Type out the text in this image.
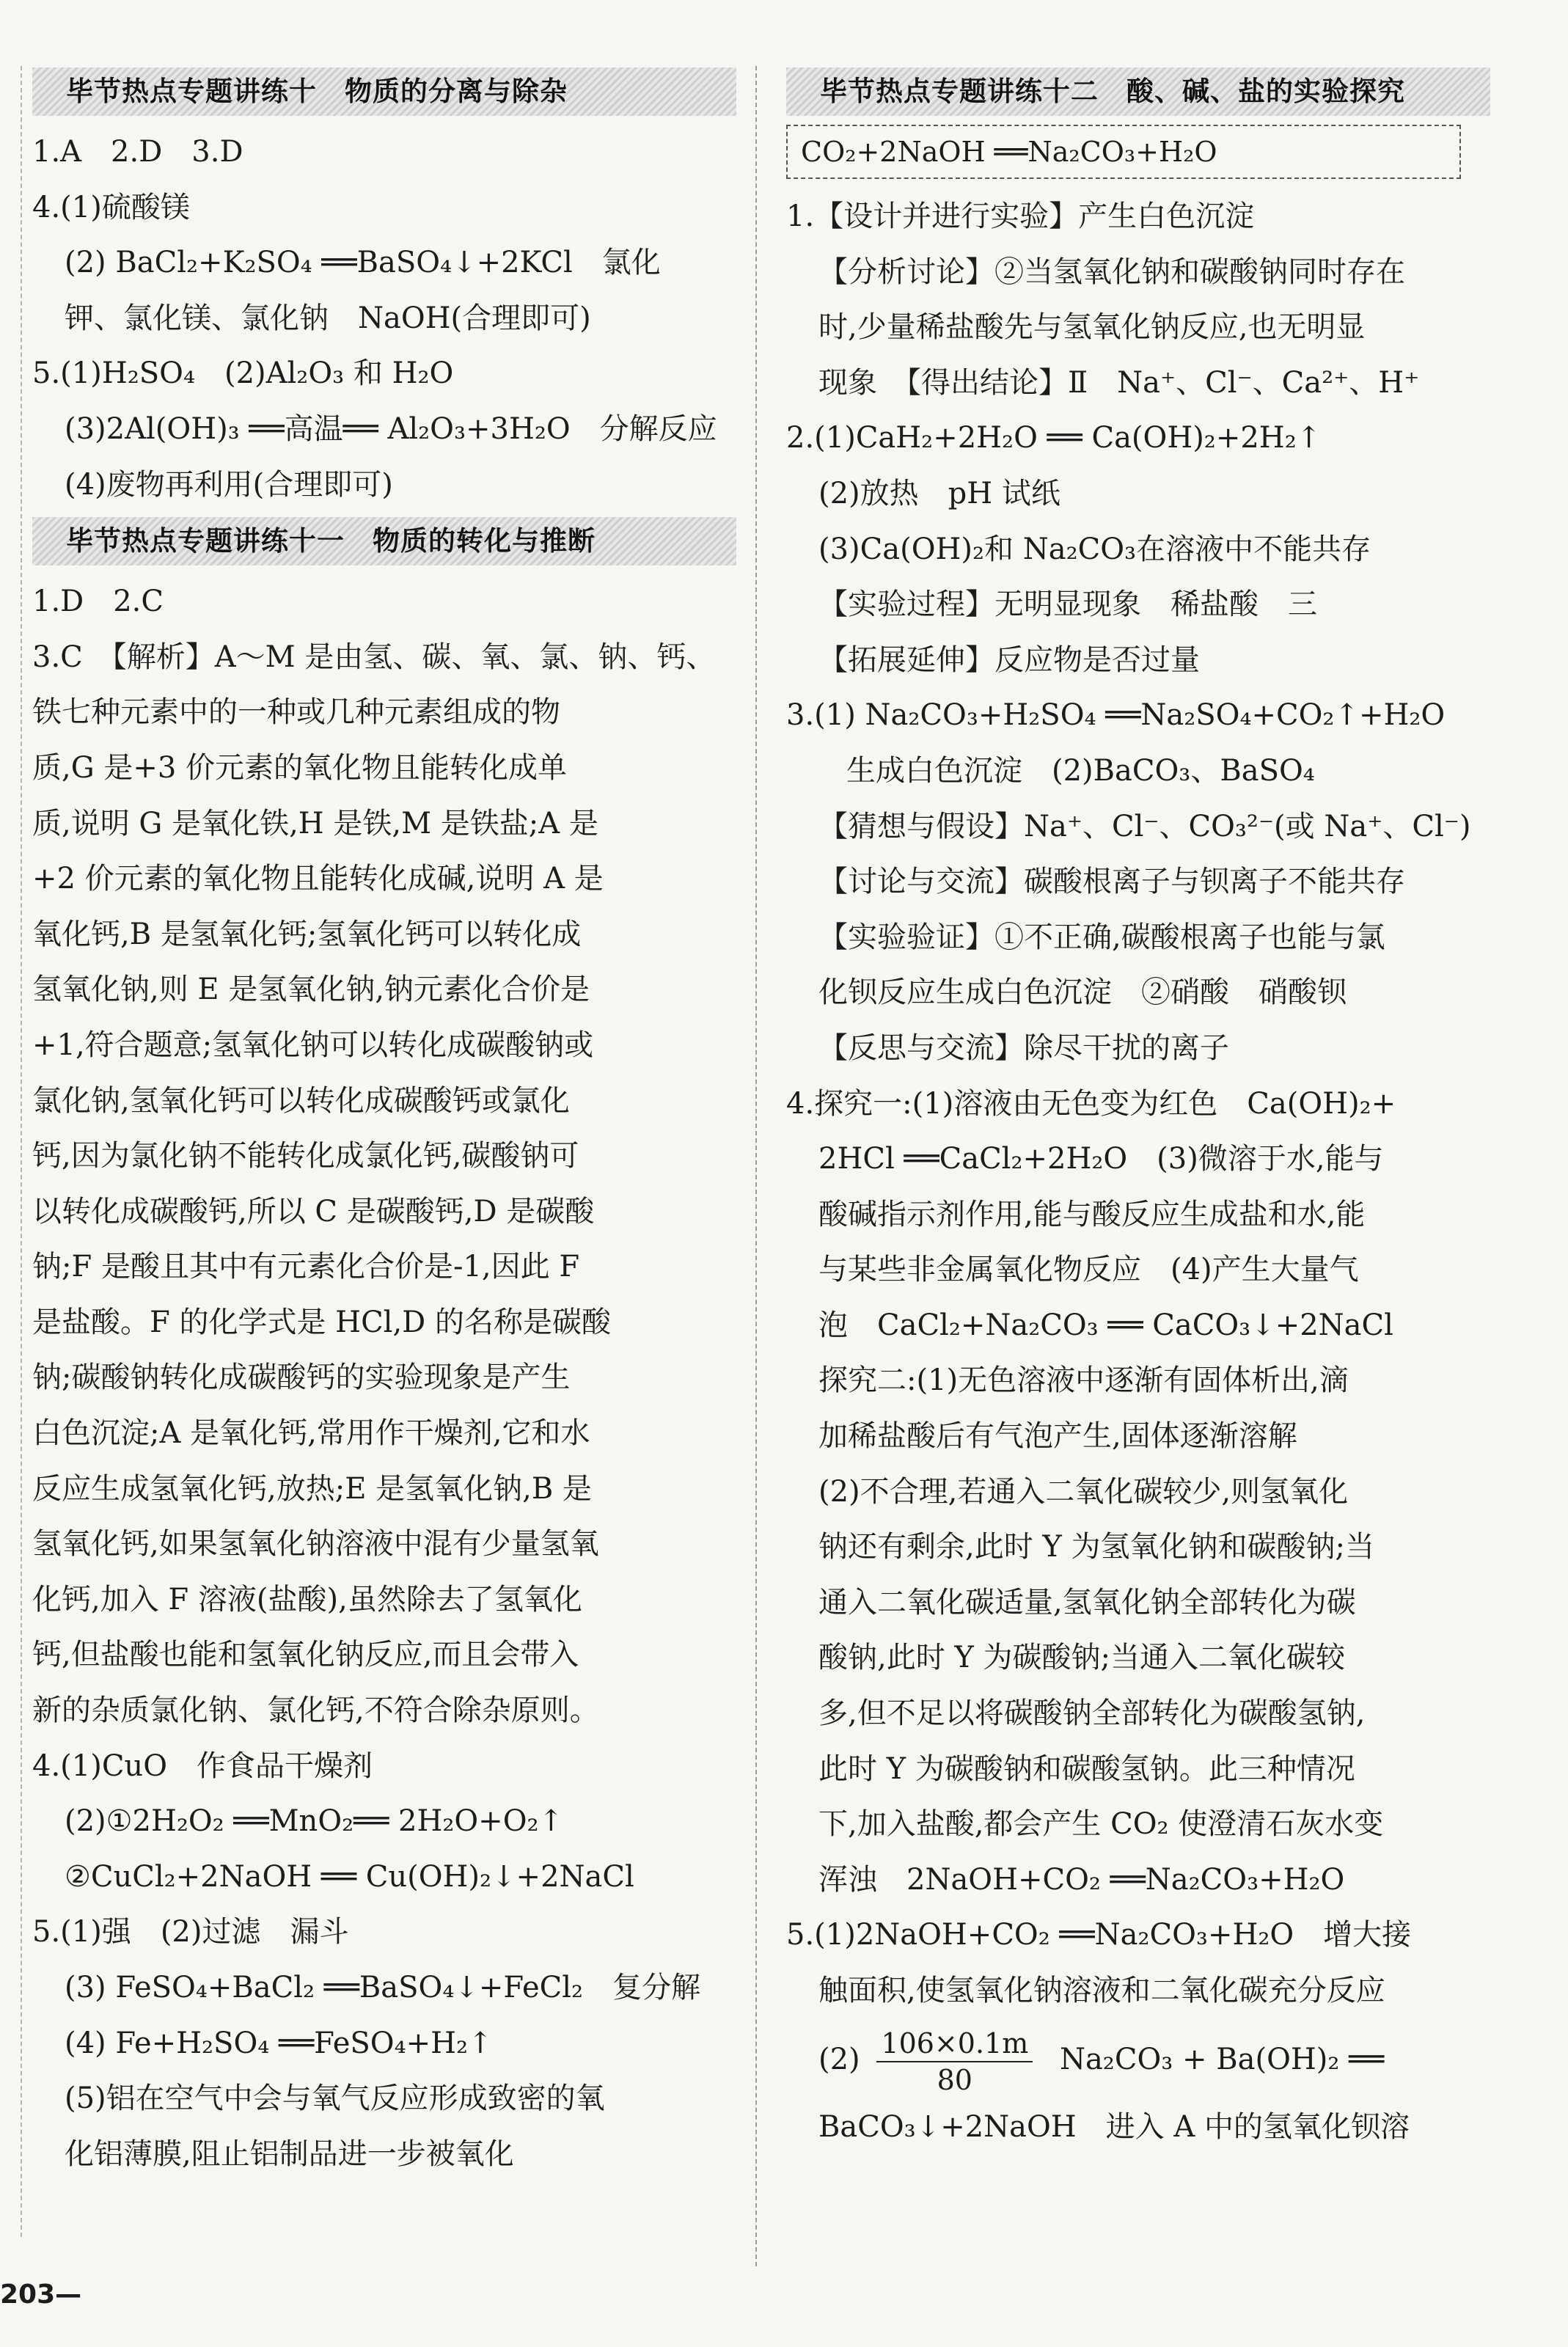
毕节热点专题讲练十　物质的分离与除杂
1.A　2.D　3.D
4.(1)硫酸镁
(2) BaCl₂+K₂SO₄ ══BaSO₄↓+2KCl　氯化
钾、氯化镁、氯化钠　NaOH(合理即可)
5.(1)H₂SO₄　(2)Al₂O₃ 和 H₂O
(3)2Al(OH)₃ ══高温══ Al₂O₃+3H₂O　分解反应
(4)废物再利用(合理即可)
毕节热点专题讲练十一　物质的转化与推断
1.D　2.C
3.C　【解析】A～M 是由氢、碳、氧、氯、钠、钙、
铁七种元素中的一种或几种元素组成的物
质,G 是+3 价元素的氧化物且能转化成单
质,说明 G 是氧化铁,H 是铁,M 是铁盐;A 是
+2 价元素的氧化物且能转化成碱,说明 A 是
氧化钙,B 是氢氧化钙;氢氧化钙可以转化成
氢氧化钠,则 E 是氢氧化钠,钠元素化合价是
+1,符合题意;氢氧化钠可以转化成碳酸钠或
氯化钠,氢氧化钙可以转化成碳酸钙或氯化
钙,因为氯化钠不能转化成氯化钙,碳酸钠可
以转化成碳酸钙,所以 C 是碳酸钙,D 是碳酸
钠;F 是酸且其中有元素化合价是-1,因此 F
是盐酸。F 的化学式是 HCl,D 的名称是碳酸
钠;碳酸钠转化成碳酸钙的实验现象是产生
白色沉淀;A 是氧化钙,常用作干燥剂,它和水
反应生成氢氧化钙,放热;E 是氢氧化钠,B 是
氢氧化钙,如果氢氧化钠溶液中混有少量氢氧
化钙,加入 F 溶液(盐酸),虽然除去了氢氧化
钙,但盐酸也能和氢氧化钠反应,而且会带入
新的杂质氯化钠、氯化钙,不符合除杂原则。
4.(1)CuO　作食品干燥剂
(2)①2H₂O₂ ══MnO₂══ 2H₂O+O₂↑
②CuCl₂+2NaOH ══ Cu(OH)₂↓+2NaCl
5.(1)强　(2)过滤　漏斗
(3) FeSO₄+BaCl₂ ══BaSO₄↓+FeCl₂　复分解
(4) Fe+H₂SO₄ ══FeSO₄+H₂↑
(5)铝在空气中会与氧气反应形成致密的氧
化铝薄膜,阻止铝制品进一步被氧化
毕节热点专题讲练十二　酸、碱、盐的实验探究
CO₂+2NaOH ══Na₂CO₃+H₂O
1.【设计并进行实验】产生白色沉淀
【分析讨论】②当氢氧化钠和碳酸钠同时存在
时,少量稀盐酸先与氢氧化钠反应,也无明显
现象　【得出结论】Ⅱ　Na⁺、Cl⁻、Ca²⁺、H⁺
2.(1)CaH₂+2H₂O ══ Ca(OH)₂+2H₂↑
(2)放热　pH 试纸
(3)Ca(OH)₂和 Na₂CO₃在溶液中不能共存
【实验过程】无明显现象　稀盐酸　三
【拓展延伸】反应物是否过量
3.(1) Na₂CO₃+H₂SO₄ ══Na₂SO₄+CO₂↑+H₂O
生成白色沉淀　(2)BaCO₃、BaSO₄
【猜想与假设】Na⁺、Cl⁻、CO₃²⁻(或 Na⁺、Cl⁻)
【讨论与交流】碳酸根离子与钡离子不能共存
【实验验证】①不正确,碳酸根离子也能与氯
化钡反应生成白色沉淀　②硝酸　硝酸钡
【反思与交流】除尽干扰的离子
4.探究一:(1)溶液由无色变为红色　Ca(OH)₂+
2HCl ══CaCl₂+2H₂O　(3)微溶于水,能与
酸碱指示剂作用,能与酸反应生成盐和水,能
与某些非金属氧化物反应　(4)产生大量气
泡　CaCl₂+Na₂CO₃ ══ CaCO₃↓+2NaCl
探究二:(1)无色溶液中逐渐有固体析出,滴
加稀盐酸后有气泡产生,固体逐渐溶解
(2)不合理,若通入二氧化碳较少,则氢氧化
钠还有剩余,此时 Y 为氢氧化钠和碳酸钠;当
通入二氧化碳适量,氢氧化钠全部转化为碳
酸钠,此时 Y 为碳酸钠;当通入二氧化碳较
多,但不足以将碳酸钠全部转化为碳酸氢钠,
此时 Y 为碳酸钠和碳酸氢钠。此三种情况
下,加入盐酸,都会产生 CO₂ 使澄清石灰水变
浑浊　2NaOH+CO₂ ══Na₂CO₃+H₂O
5.(1)2NaOH+CO₂ ══Na₂CO₃+H₂O　增大接
触面积,使氢氧化钠溶液和二氧化碳充分反应
$(2) \frac{106\times 0.1m}{80} Na_2CO_3 + Ba(OH)_2$ ══
BaCO₃↓+2NaOH　进入 A 中的氢氧化钡溶
203—
